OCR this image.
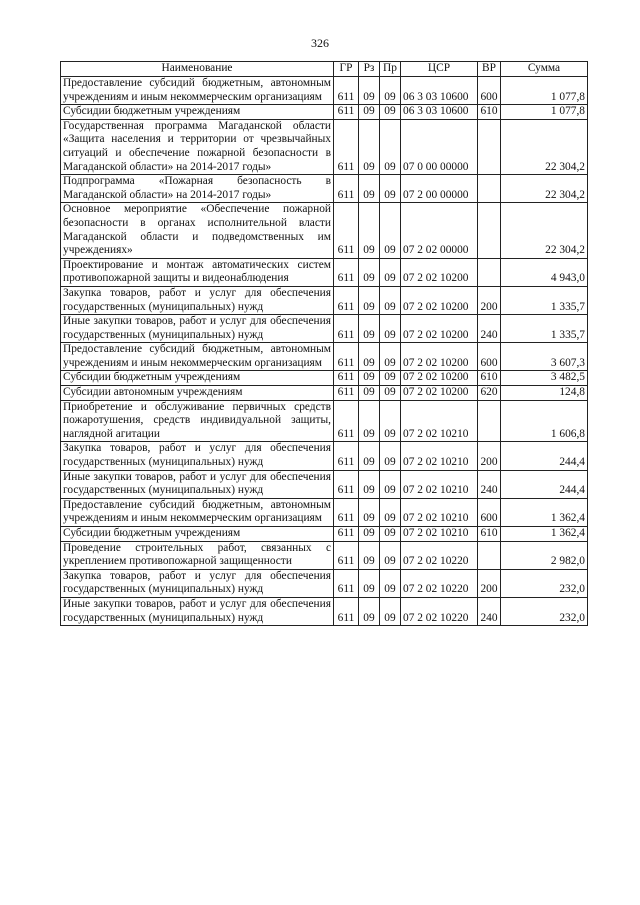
326
Наименование	ГР	Рз	Пр	ЦСР	ВР	Сумма
Предоставление субсидий бюджетным, автономным учреждениям и иным некоммерческим организациям	611	09	09	06 3 03 10600	600	1 077,8
Субсидии бюджетным учреждениям	611	09	09	06 3 03 10600	610	1 077,8
Государственная программа Магаданской области «Защита населения и территории от чрезвычайных ситуаций и обеспечение пожарной безопасности в Магаданской области» на 2014-2017 годы»	611	09	09	07 0 00 00000		22 304,2
Подпрограмма «Пожарная безопасность в Магаданской области» на 2014-2017 годы»	611	09	09	07 2 00 00000		22 304,2
Основное мероприятие «Обеспечение пожарной безопасности в органах исполнительной власти Магаданской области и подведомственных им учреждениях»	611	09	09	07 2 02 00000		22 304,2
Проектирование и монтаж автоматических систем противопожарной защиты и видеонаблюдения	611	09	09	07 2 02 10200		4 943,0
Закупка товаров, работ и услуг для обеспечения государственных (муниципальных) нужд	611	09	09	07 2 02 10200	200	1 335,7
Иные закупки товаров, работ и услуг для обеспечения государственных (муниципальных) нужд	611	09	09	07 2 02 10200	240	1 335,7
Предоставление субсидий бюджетным, автономным учреждениям и иным некоммерческим организациям	611	09	09	07 2 02 10200	600	3 607,3
Субсидии бюджетным учреждениям	611	09	09	07 2 02 10200	610	3 482,5
Субсидии автономным учреждениям	611	09	09	07 2 02 10200	620	124,8
Приобретение и обслуживание первичных средств пожаротушения, средств индивидуальной защиты, наглядной агитации	611	09	09	07 2 02 10210		1 606,8
Закупка товаров, работ и услуг для обеспечения государственных (муниципальных) нужд	611	09	09	07 2 02 10210	200	244,4
Иные закупки товаров, работ и услуг для обеспечения государственных (муниципальных) нужд	611	09	09	07 2 02 10210	240	244,4
Предоставление субсидий бюджетным, автономным учреждениям и иным некоммерческим организациям	611	09	09	07 2 02 10210	600	1 362,4
Субсидии бюджетным учреждениям	611	09	09	07 2 02 10210	610	1 362,4
Проведение строительных работ, связанных с укреплением противопожарной защищенности	611	09	09	07 2 02 10220		2 982,0
Закупка товаров, работ и услуг для обеспечения государственных (муниципальных) нужд	611	09	09	07 2 02 10220	200	232,0
Иные закупки товаров, работ и услуг для обеспечения государственных (муниципальных) нужд	611	09	09	07 2 02 10220	240	232,0
